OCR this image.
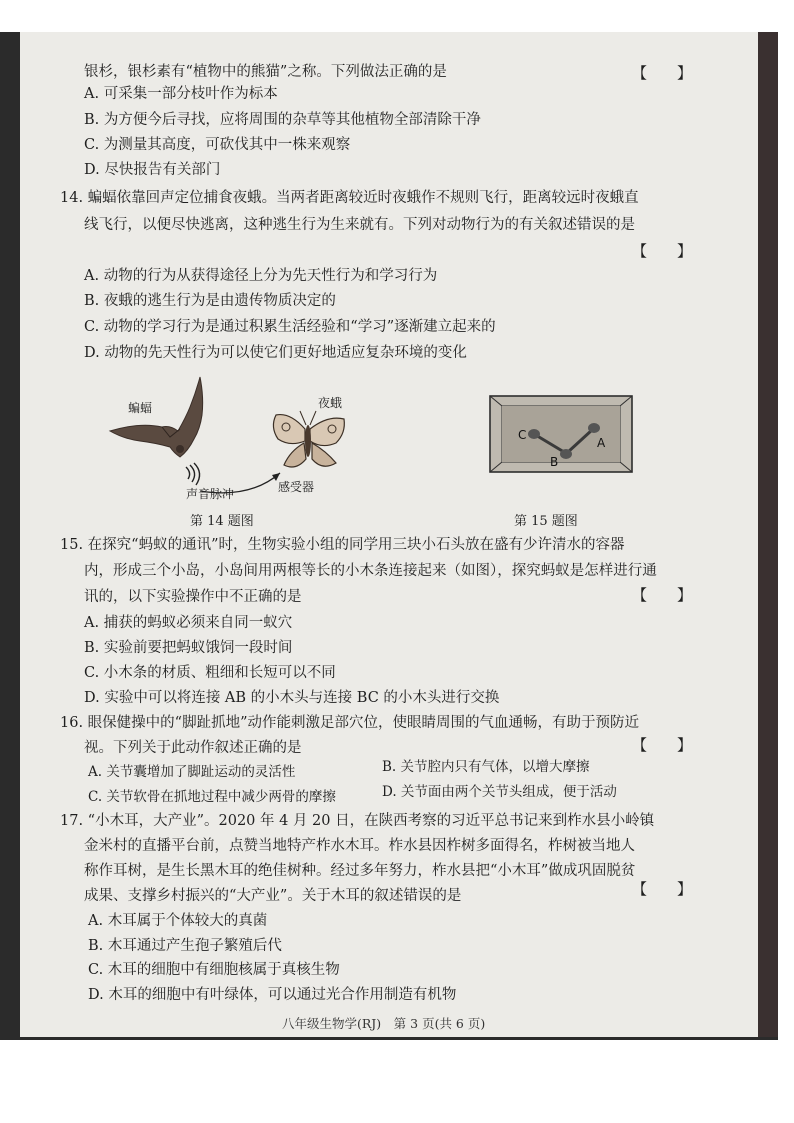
银杉，银杉素有“植物中的熊猫”之称。下列做法正确的是	【　　】
A. 可采集一部分枝叶作为标本
B. 为方便今后寻找，应将周围的杂草等其他植物全部清除干净
C. 为测量其高度，可砍伐其中一株来观察
D. 尽快报告有关部门
14. 蝙蝠依靠回声定位捕食夜蛾。当两者距离较近时夜蛾作不规则飞行，距离较远时夜蛾直
线飞行，以便尽快逃离，这种逃生行为生来就有。下列对动物行为的有关叙述错误的是
【　　】
A. 动物的行为从获得途径上分为先天性行为和学习行为
B. 夜蛾的逃生行为是由遗传物质决定的
C. 动物的学习行为是通过积累生活经验和“学习”逐渐建立起来的
D. 动物的先天性行为可以使它们更好地适应复杂环境的变化
蝙蝠	夜蛾
声音脉冲	感受器
第 14 题图
C
B
A
第 15 题图
15. 在探究“蚂蚁的通讯”时，生物实验小组的同学用三块小石头放在盛有少许清水的容器
内，形成三个小岛，小岛间用两根等长的小木条连接起来（如图），探究蚂蚁是怎样进行通
讯的，以下实验操作中不正确的是	【　　】
A. 捕获的蚂蚁必须来自同一蚁穴
B. 实验前要把蚂蚁饿饲一段时间
C. 小木条的材质、粗细和长短可以不同
D. 实验中可以将连接 AB 的小木头与连接 BC 的小木头进行交换
16. 眼保健操中的“脚趾抓地”动作能刺激足部穴位，使眼睛周围的气血通畅，有助于预防近
视。下列关于此动作叙述正确的是	【　　】
A. 关节囊增加了脚趾运动的灵活性	B. 关节腔内只有气体，以增大摩擦
C. 关节软骨在抓地过程中减少两骨的摩擦	D. 关节面由两个关节头组成，便于活动
17. “小木耳，大产业”。2020 年 4 月 20 日，在陕西考察的习近平总书记来到柞水县小岭镇
金米村的直播平台前，点赞当地特产柞水木耳。柞水县因柞树多面得名，柞树被当地人
称作耳树，是生长黑木耳的绝佳树种。经过多年努力，柞水县把“小木耳”做成巩固脱贫
成果、支撑乡村振兴的“大产业”。关于木耳的叙述错误的是	【　　】
A. 木耳属于个体较大的真菌
B. 木耳通过产生孢子繁殖后代
C. 木耳的细胞中有细胞核属于真核生物
D. 木耳的细胞中有叶绿体，可以通过光合作用制造有机物
八年级生物学(RJ)　第 3 页(共 6 页)
